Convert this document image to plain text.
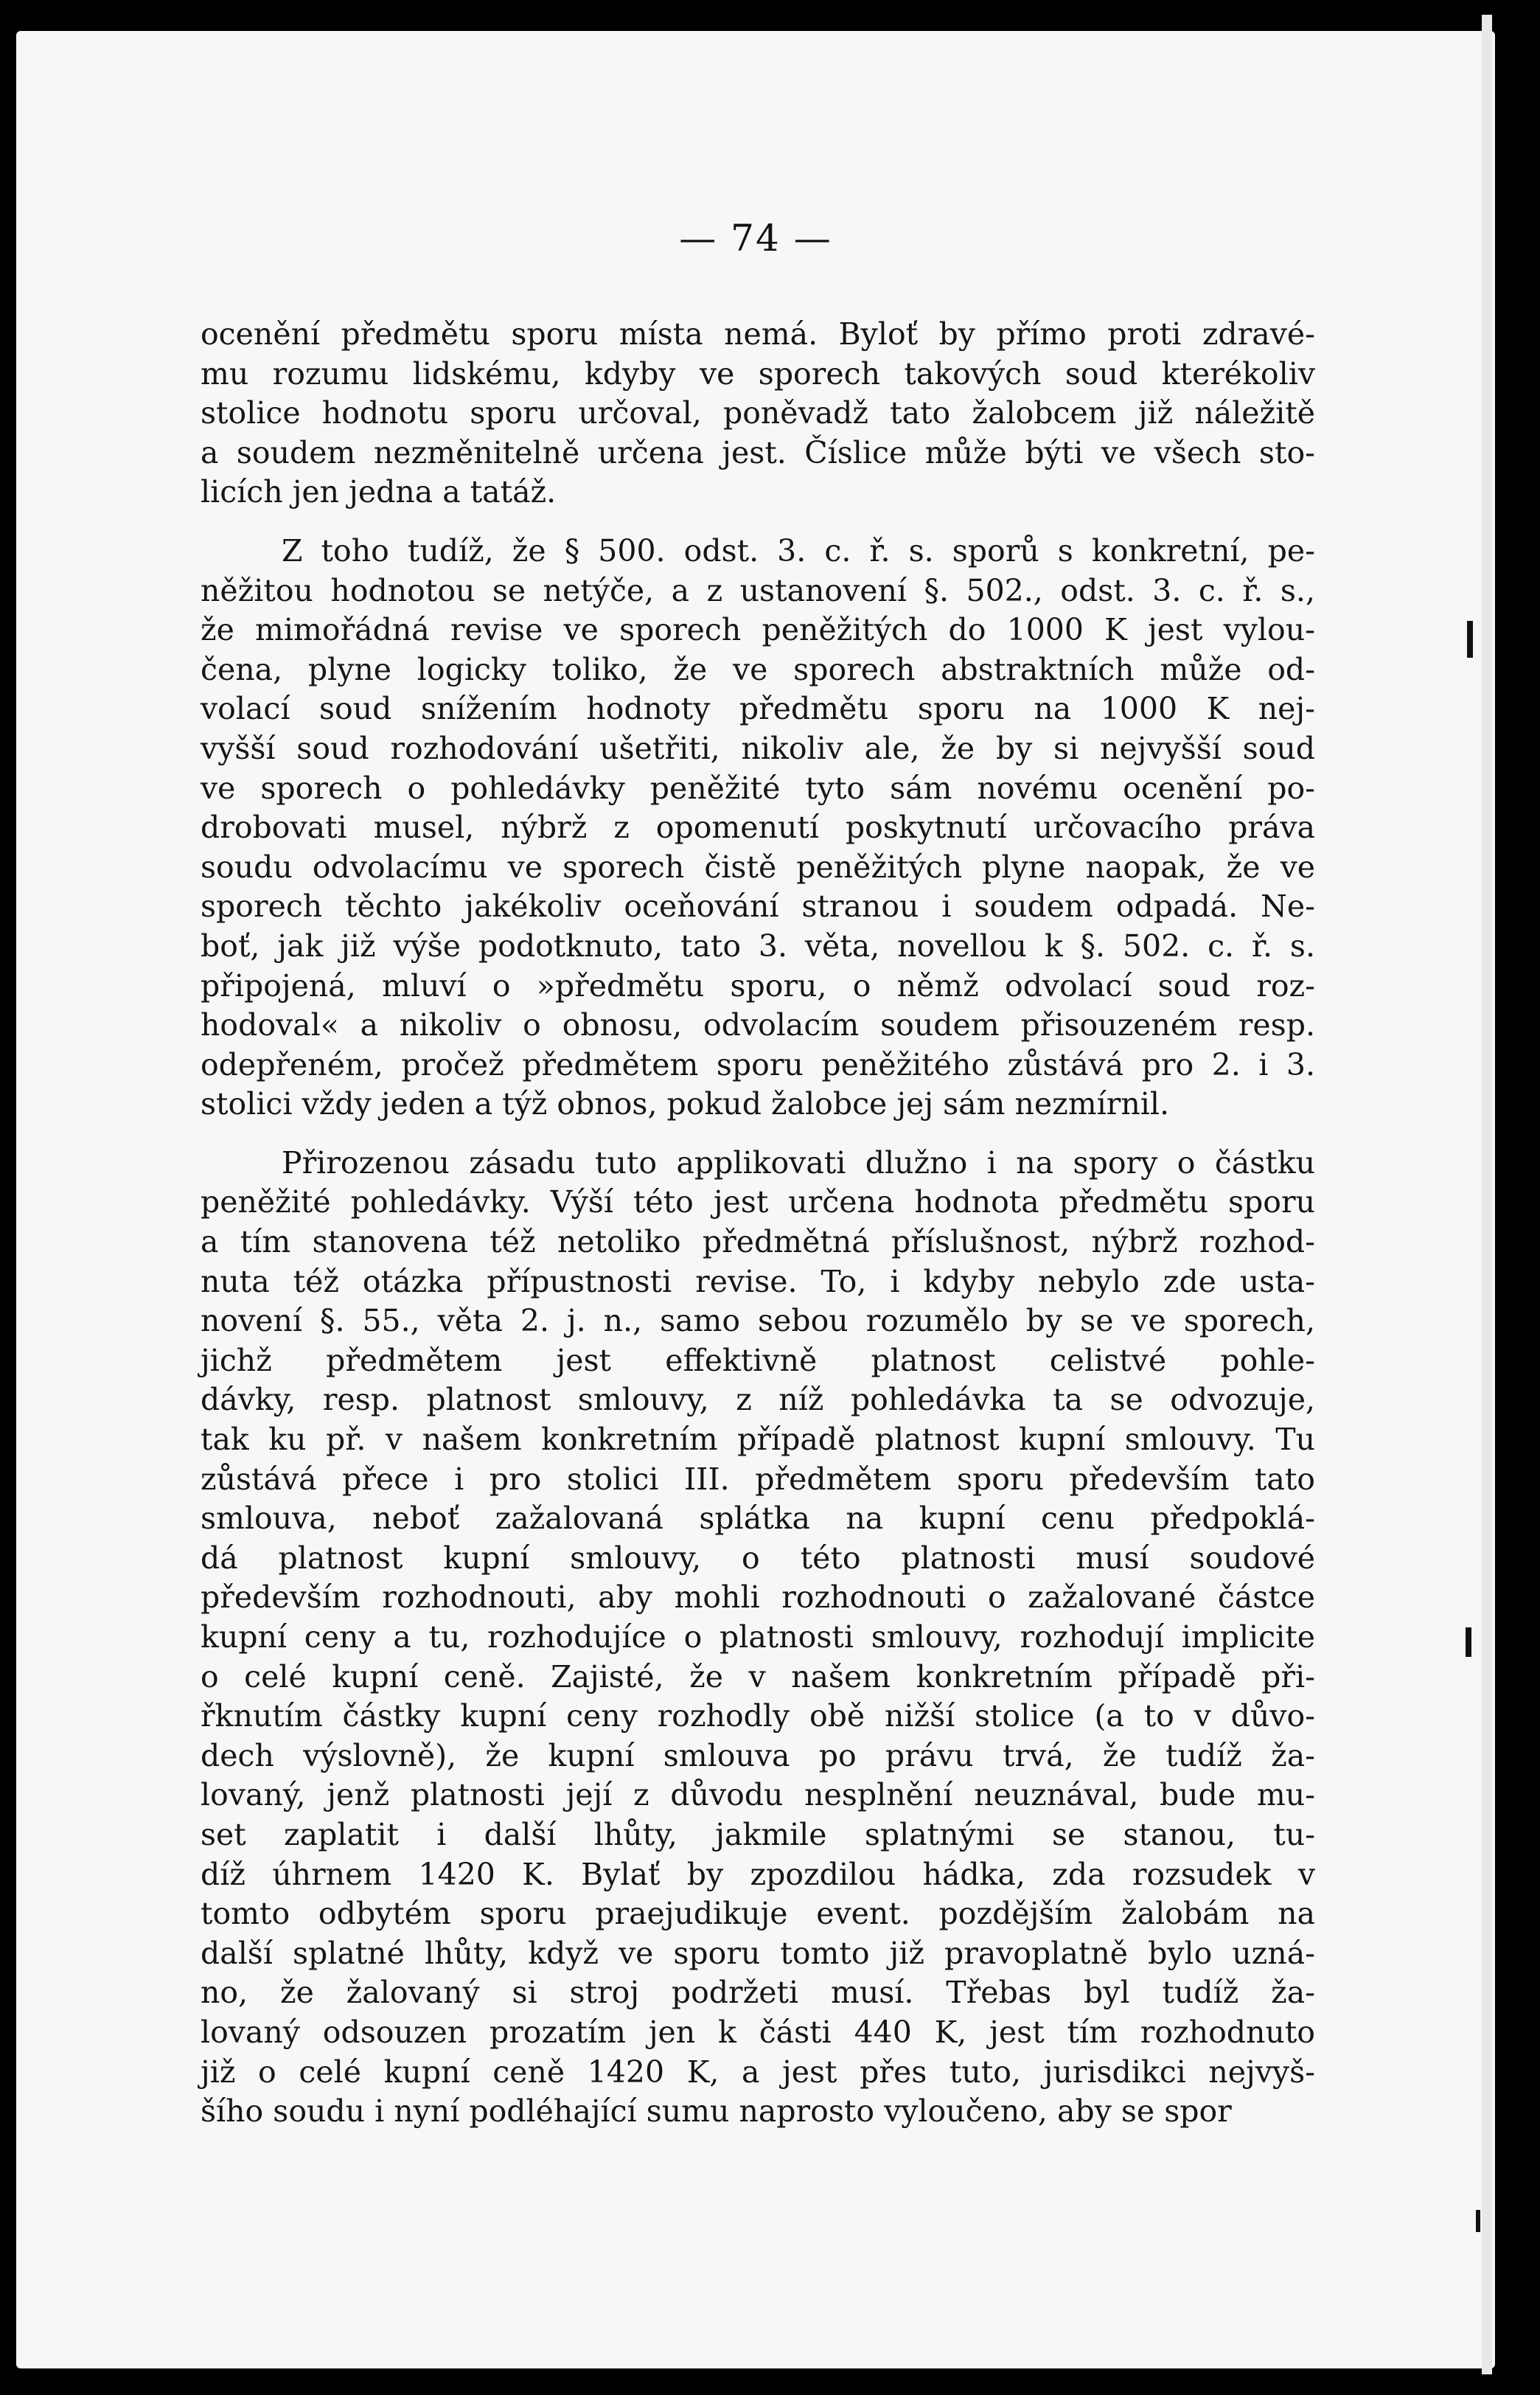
— 74 —
ocenění předmětu sporu místa nemá. Byloť by přímo proti zdravé-
mu rozumu lidskému, kdyby ve sporech takových soud kterékoliv
stolice hodnotu sporu určoval, poněvadž tato žalobcem již náležitě
a soudem nezměnitelně určena jest. Číslice může býti ve všech sto-
licích jen jedna a tatáž.
Z toho tudíž, že § 500. odst. 3. c. ř. s. sporů s konkretní, pe-
něžitou hodnotou se netýče, a z ustanovení §. 502., odst. 3. c. ř. s.,
že mimořádná revise ve sporech peněžitých do 1000 K jest vylou-
čena, plyne logicky toliko, že ve sporech abstraktních může od-
volací soud snížením hodnoty předmětu sporu na 1000 K nej-
vyšší soud rozhodování ušetřiti, nikoliv ale, že by si nejvyšší soud
ve sporech o pohledávky peněžité tyto sám novému ocenění po-
drobovati musel, nýbrž z opomenutí poskytnutí určovacího práva
soudu odvolacímu ve sporech čistě peněžitých plyne naopak, že ve
sporech těchto jakékoliv oceňování stranou i soudem odpadá. Ne-
boť, jak již výše podotknuto, tato 3. věta, novellou k §. 502. c. ř. s.
připojená, mluví o »předmětu sporu, o němž odvolací soud roz-
hodoval« a nikoliv o obnosu, odvolacím soudem přisouzeném resp.
odepřeném, pročež předmětem sporu peněžitého zůstává pro 2. i 3.
stolici vždy jeden a týž obnos, pokud žalobce jej sám nezmírnil.
Přirozenou zásadu tuto applikovati dlužno i na spory o částku
peněžité pohledávky. Výší této jest určena hodnota předmětu sporu
a tím stanovena též netoliko předmětná příslušnost, nýbrž rozhod-
nuta též otázka přípustnosti revise. To, i kdyby nebylo zde usta-
novení §. 55., věta 2. j. n., samo sebou rozumělo by se ve sporech,
jichž předmětem jest effektivně platnost celistvé pohle-
dávky, resp. platnost smlouvy, z níž pohledávka ta se odvozuje,
tak ku př. v našem konkretním případě platnost kupní smlouvy. Tu
zůstává přece i pro stolici III. předmětem sporu především tato
smlouva, neboť zažalovaná splátka na kupní cenu předpoklá-
dá platnost kupní smlouvy, o této platnosti musí soudové
především rozhodnouti, aby mohli rozhodnouti o zažalované částce
kupní ceny a tu, rozhodujíce o platnosti smlouvy, rozhodují implicite
o celé kupní ceně. Zajisté, že v našem konkretním případě při-
řknutím částky kupní ceny rozhodly obě nižší stolice (a to v důvo-
dech výslovně), že kupní smlouva po právu trvá, že tudíž ža-
lovaný, jenž platnosti její z důvodu nesplnění neuznával, bude mu-
set zaplatit i další lhůty, jakmile splatnými se stanou, tu-
díž úhrnem 1420 K. Bylať by zpozdilou hádka, zda rozsudek v
tomto odbytém sporu praejudikuje event. pozdějším žalobám na
další splatné lhůty, když ve sporu tomto již pravoplatně bylo uzná-
no, že žalovaný si stroj podržeti musí. Třebas byl tudíž ža-
lovaný odsouzen prozatím jen k části 440 K, jest tím rozhodnuto
již o celé kupní ceně 1420 K, a jest přes tuto, jurisdikci nejvyš-
šího soudu i nyní podléhající sumu naprosto vyloučeno, aby se spor
